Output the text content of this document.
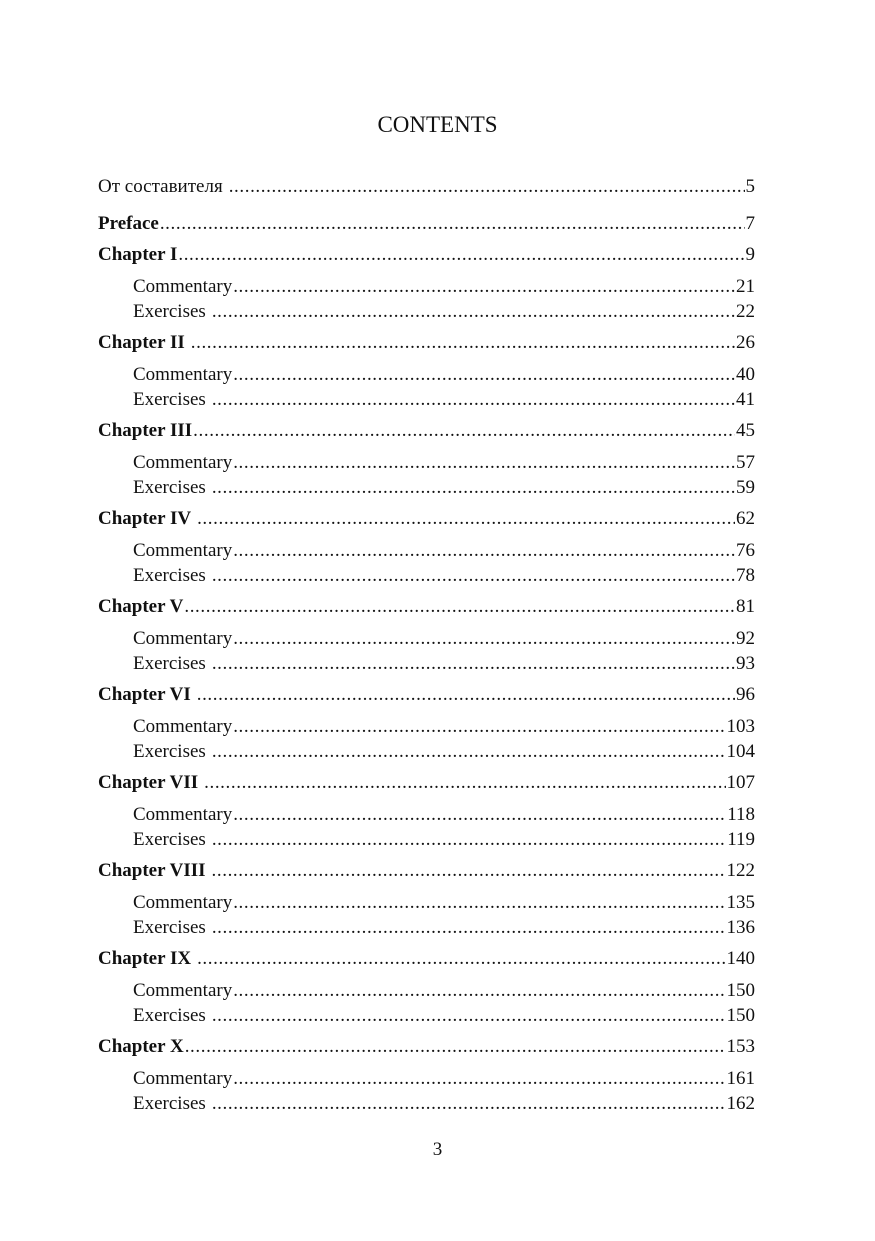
CONTENTS
От составителя .....	5
Preface .....	7
Chapter I .....	9
Commentary .....	21
Exercises .....	22
Chapter II .....	26
Commentary .....	40
Exercises .....	41
Chapter III .....	45
Commentary .....	57
Exercises .....	59
Chapter IV .....	62
Commentary .....	76
Exercises .....	78
Chapter V .....	81
Commentary .....	92
Exercises .....	93
Chapter VI .....	96
Commentary .....	103
Exercises .....	104
Chapter VII .....	107
Commentary .....	118
Exercises .....	119
Chapter VIII .....	122
Commentary .....	135
Exercises .....	136
Chapter IX .....	140
Commentary .....	150
Exercises .....	150
Chapter X .....	153
Commentary .....	161
Exercises .....	162
3
